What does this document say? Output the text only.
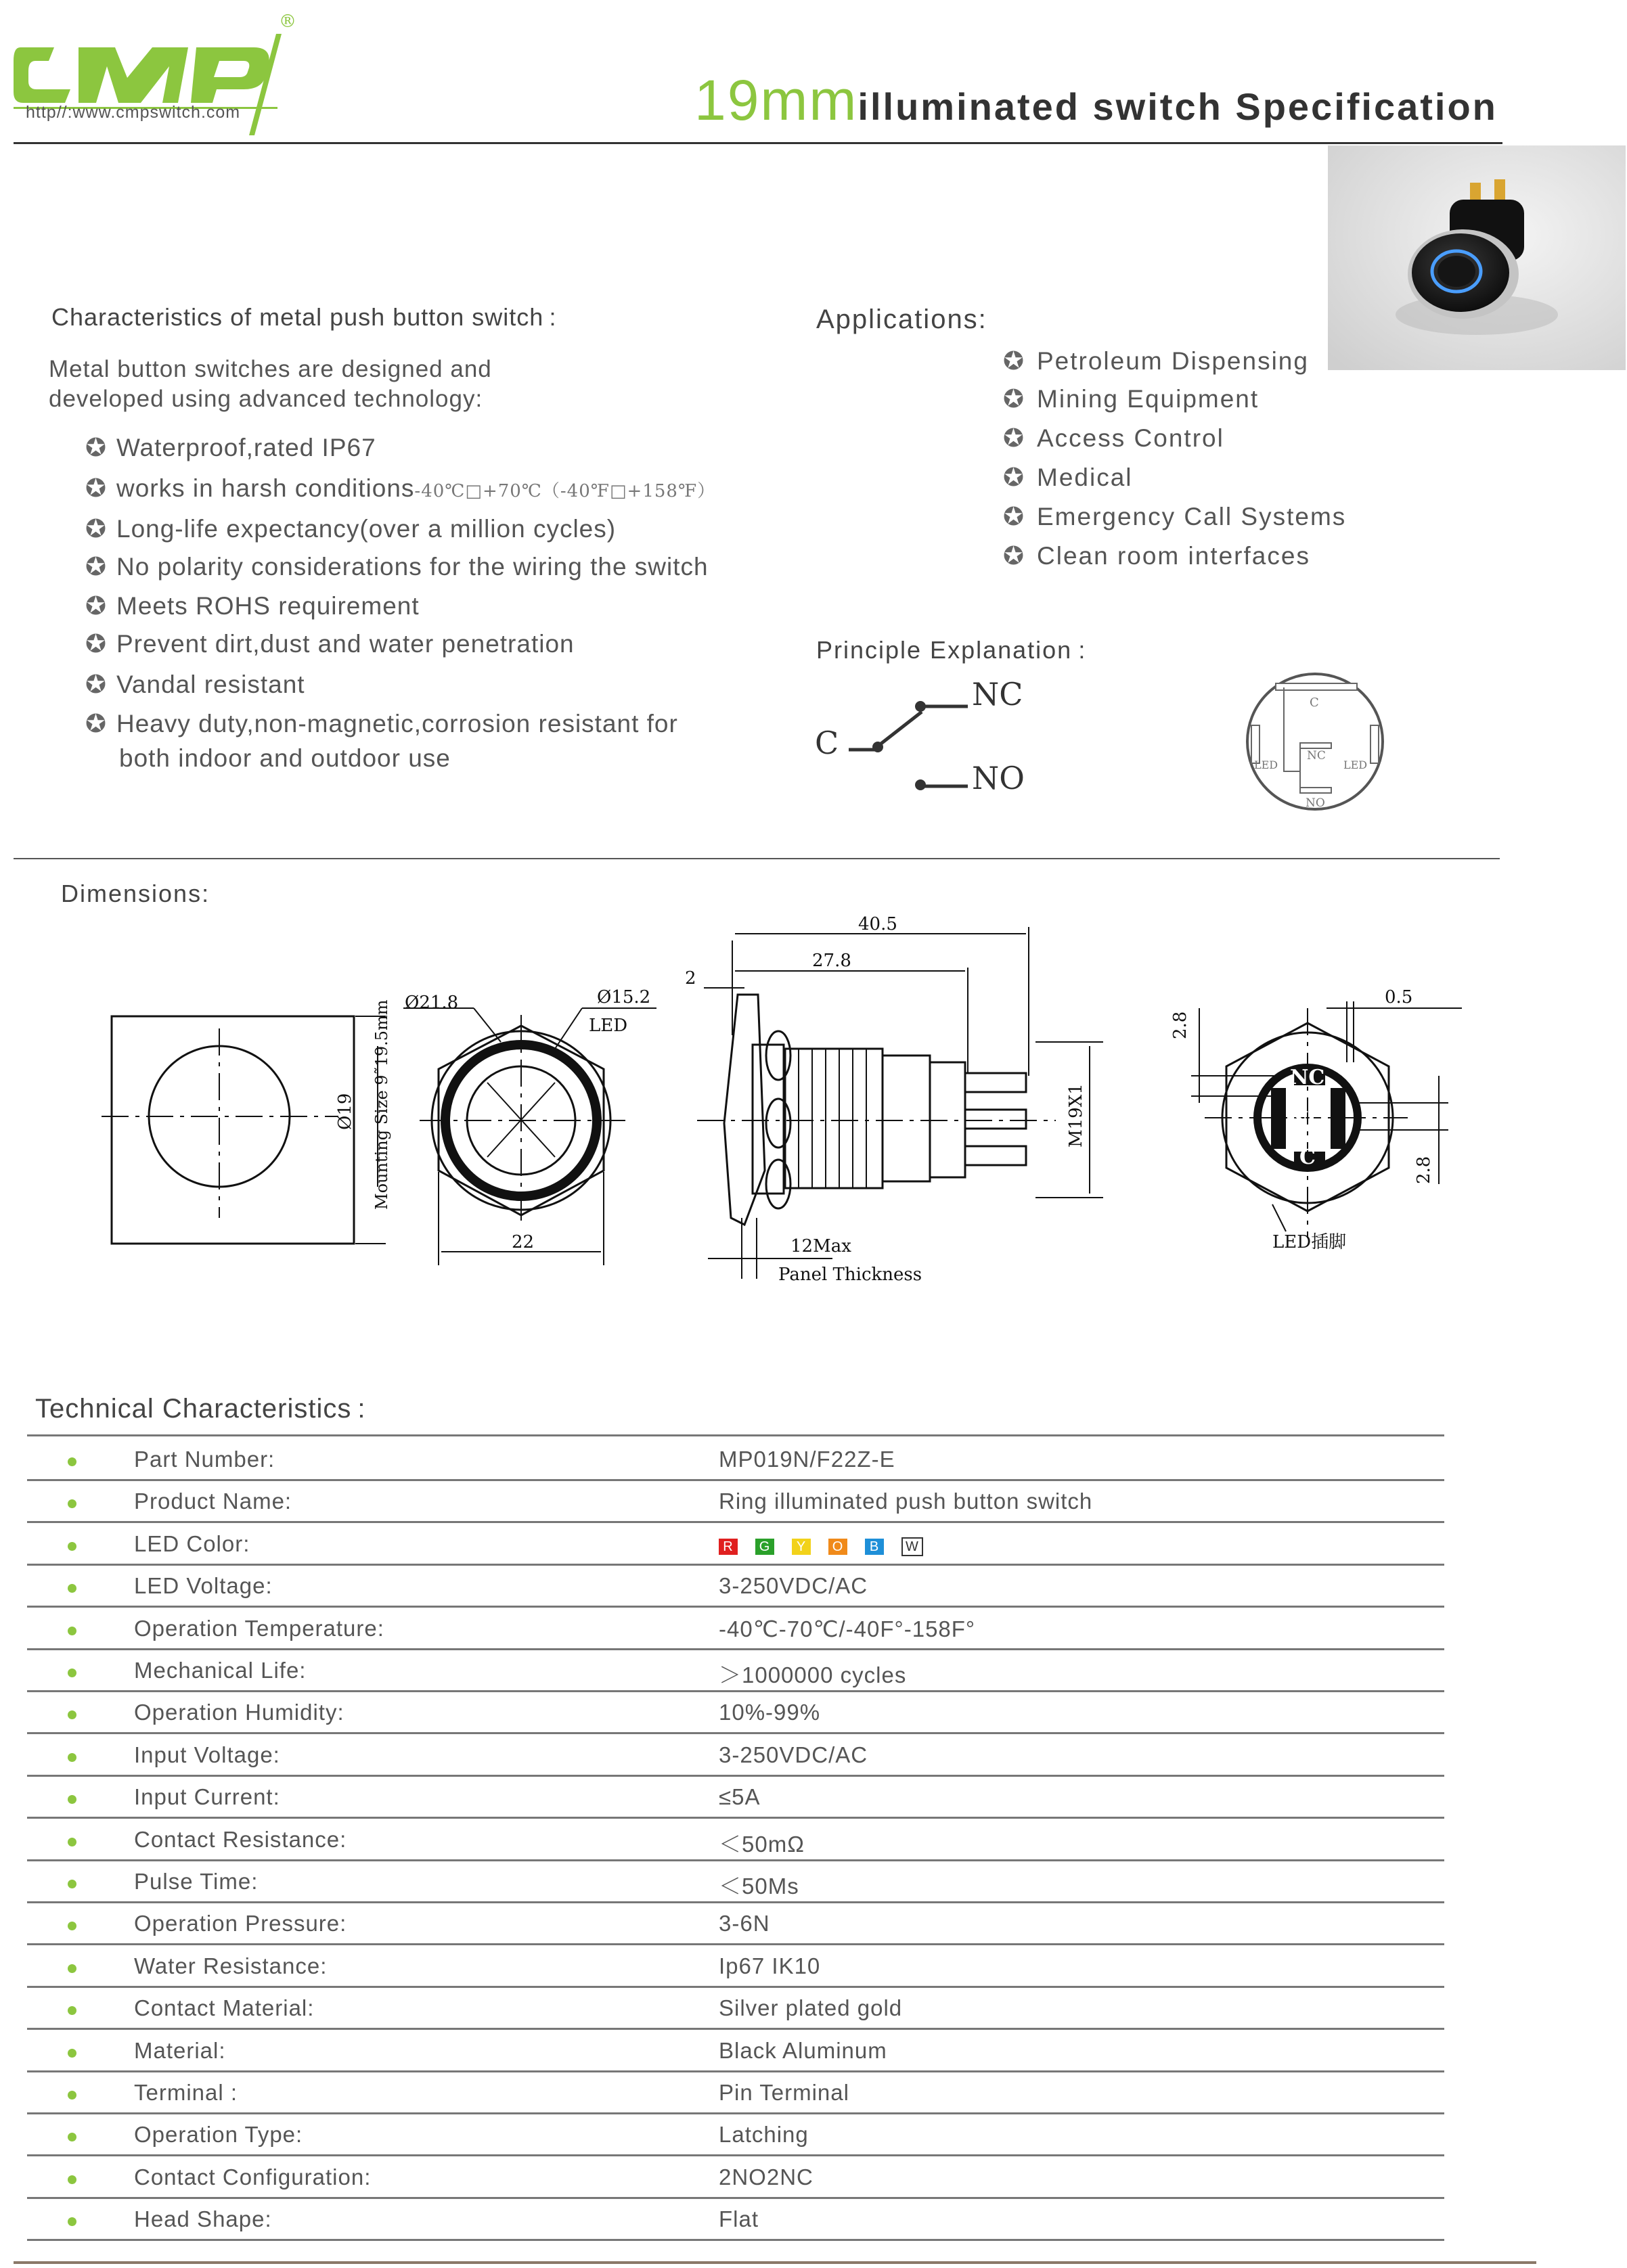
®
http//:www.cmpswitch.com	19mmilluminated switch Specification
Characteristics of metal push button switch :
Metal button switches are designed and
developed using advanced technology:
✪ Waterproof,rated IP67
✪ works in harsh conditions-40℃□+70℃（-40℉□+158℉）
✪ Long-life expectancy(over a million cycles)
✪ No polarity considerations for the wiring the switch
✪ Meets ROHS requirement
✪ Prevent dirt,dust and water penetration
✪ Vandal resistant
✪ Heavy duty,non-magnetic,corrosion resistant for
both indoor and outdoor use
Applications:
✪ Petroleum Dispensing
✪ Mining Equipment
✪ Access Control
✪ Medical
✪ Emergency Call Systems
✪ Clean room interfaces
Principle Explanation :
C
NC
NO
C
NC
NO
LED	LED
Dimensions:
Ø19 Mounting Size 9˜19.5mm Ø21.8	Ø15.2
LED
22
40.5
27.8
2
M19X1
12Max
Panel Thickness
0.5
2.8
2.8
LED插脚
NC
NO
C
Technical Characteristics :
Part Number:	MP019N/F22Z-E
Product Name:	Ring illuminated push button switch
LED Color:	R G Y O B W
LED Voltage:	3-250VDC/AC
Operation Temperature:	-40℃-70℃/-40F°-158F°
Mechanical Life:	＞1000000 cycles
Operation Humidity:	10%-99%
Input Voltage:	3-250VDC/AC
Input Current:	≤5A
Contact Resistance:	＜50mΩ
Pulse Time:	＜50Ms
Operation Pressure:	3-6N
Water Resistance:	Ip67 IK10
Contact Material:	Silver plated gold
Material:	Black Aluminum
Terminal :	Pin Terminal
Operation Type:	Latching
Contact Configuration:	2NO2NC
Head Shape:	Flat
